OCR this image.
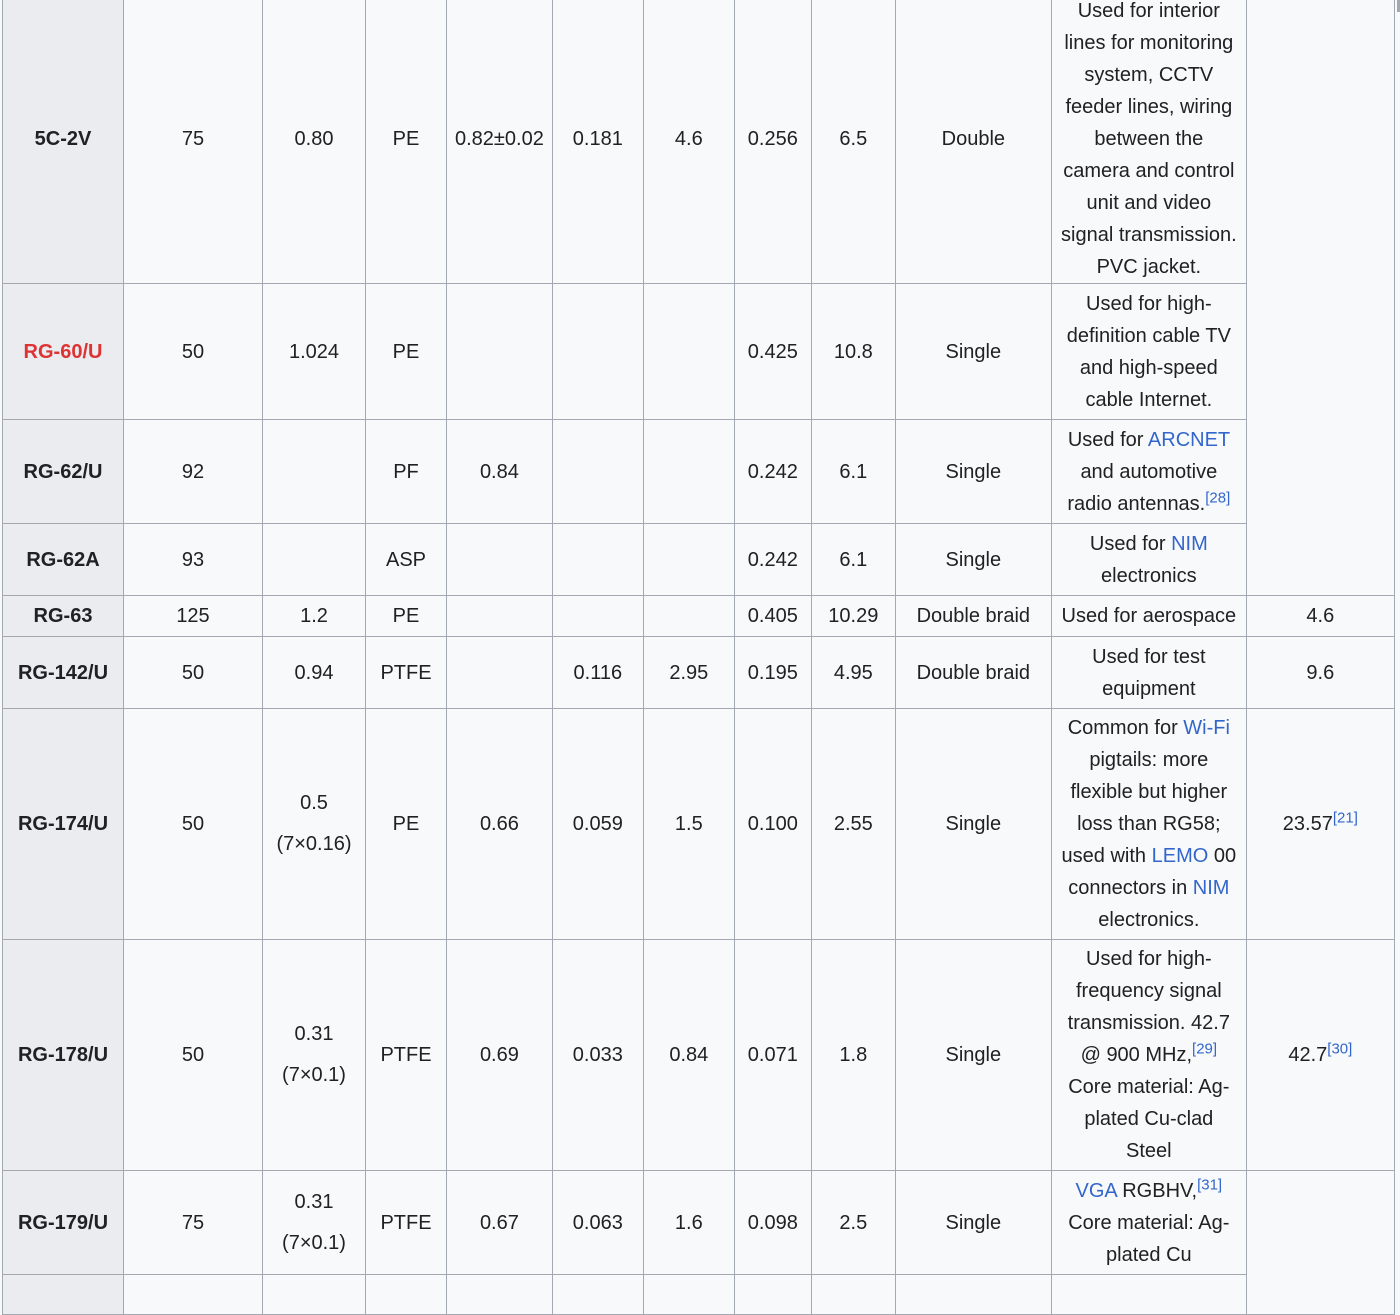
5C-2V	75	0.80	PE	0.82±0.02	0.181	4.6	0.256	6.5	Double	Used for interior lines for monitoring system, CCTV feeder lines, wiring between the camera and control unit and video signal transmission. PVC jacket.	
RG-60/U	50	1.024	PE				0.425	10.8	Single	Used for high-definition cable TV and high-speed cable Internet.	
RG-62/U	92		PF	0.84			0.242	6.1	Single	Used for ARCNET and automotive radio antennas.[28]
RG-62A	93		ASP				0.242	6.1	Single	Used for NIM electronics	
RG-63	125	1.2	PE				0.405	10.29	Double braid	Used for aerospace	4.6
RG-142/U	50	0.94	PTFE		0.116	2.95	0.195	4.95	Double braid	Used for test equipment	9.6
RG-174/U	50	0.5 (7×0.16)	PE	0.66	0.059	1.5	0.100	2.55	Single	Common for Wi-Fi pigtails: more flexible but higher loss than RG58; used with LEMO 00 connectors in NIM electronics.	23.57[21]
RG-178/U	50	0.31 (7×0.1)	PTFE	0.69	0.033	0.84	0.071	1.8	Single	Used for high-frequency signal transmission. 42.7 @ 900 MHz,[29] Core material: Ag-plated Cu-clad Steel	42.7[30]
RG-179/U	75	0.31 (7×0.1)	PTFE	0.67	0.063	1.6	0.098	2.5	Single	VGA RGBHV,[31] Core material: Ag-plated Cu	
